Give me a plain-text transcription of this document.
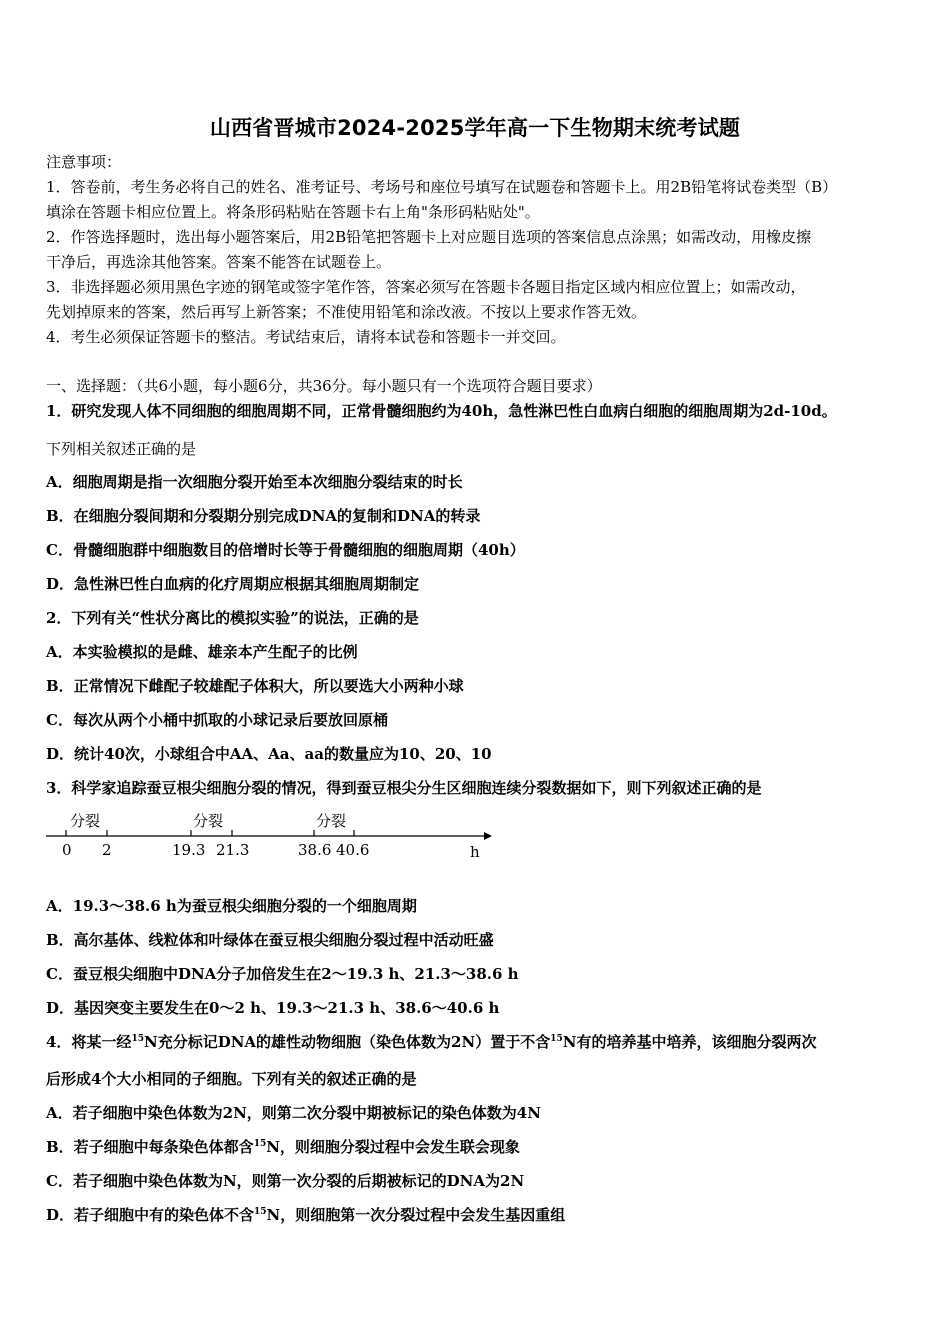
山西省晋城市2024-2025学年高一下生物期末统考试题
注意事项：
1．答卷前，考生务必将自己的姓名、准考证号、考场号和座位号填写在试题卷和答题卡上。用2B铅笔将试卷类型（B）
填涂在答题卡相应位置上。将条形码粘贴在答题卡右上角"条形码粘贴处"。
2．作答选择题时，选出每小题答案后，用2B铅笔把答题卡上对应题目选项的答案信息点涂黑；如需改动，用橡皮擦
干净后，再选涂其他答案。答案不能答在试题卷上。
3．非选择题必须用黑色字迹的钢笔或签字笔作答，答案必须写在答题卡各题目指定区域内相应位置上；如需改动，
先划掉原来的答案，然后再写上新答案；不准使用铅笔和涂改液。不按以上要求作答无效。
4．考生必须保证答题卡的整洁。考试结束后，请将本试卷和答题卡一并交回。
一、选择题：（共6小题，每小题6分，共36分。每小题只有一个选项符合题目要求）
1．研究发现人体不同细胞的细胞周期不同，正常骨髓细胞约为40h，急性淋巴性白血病白细胞的细胞周期为2d-10d。
下列相关叙述正确的是
A．细胞周期是指一次细胞分裂开始至本次细胞分裂结束的时长
B．在细胞分裂间期和分裂期分别完成DNA的复制和DNA的转录
C．骨髓细胞群中细胞数目的倍增时长等于骨髓细胞的细胞周期（40h）
D．急性淋巴性白血病的化疗周期应根据其细胞周期制定
2．下列有关“性状分离比的模拟实验”的说法，正确的是
A．本实验模拟的是雌、雄亲本产生配子的比例
B．正常情况下雌配子较雄配子体积大，所以要选大小两种小球
C．每次从两个小桶中抓取的小球记录后要放回原桶
D．统计40次，小球组合中AA、Aa、aa的数量应为10、20、10
3．科学家追踪蚕豆根尖细胞分裂的情况，得到蚕豆根尖分生区细胞连续分裂数据如下，则下列叙述正确的是
分裂	分裂	分裂
0 2	19.3 21.3	38.6 40.6	h
A．19.3～38.6 h为蚕豆根尖细胞分裂的一个细胞周期
B．高尔基体、线粒体和叶绿体在蚕豆根尖细胞分裂过程中活动旺盛
C．蚕豆根尖细胞中DNA分子加倍发生在2～19.3 h、21.3～38.6 h
D．基因突变主要发生在0～2 h、19.3～21.3 h、38.6～40.6 h
4．将某一经$^{15}$N充分标记DNA的雄性动物细胞（染色体数为2N）置于不含$^{15}$N有的培养基中培养，该细胞分裂两次
后形成4个大小相同的子细胞。下列有关的叙述正确的是
A．若子细胞中染色体数为2N，则第二次分裂中期被标记的染色体数为4N
B．若子细胞中每条染色体都含$^{15}$N，则细胞分裂过程中会发生联会现象
C．若子细胞中染色体数为N，则第一次分裂的后期被标记的DNA为2N
D．若子细胞中有的染色体不含$^{15}$N，则细胞第一次分裂过程中会发生基因重组
